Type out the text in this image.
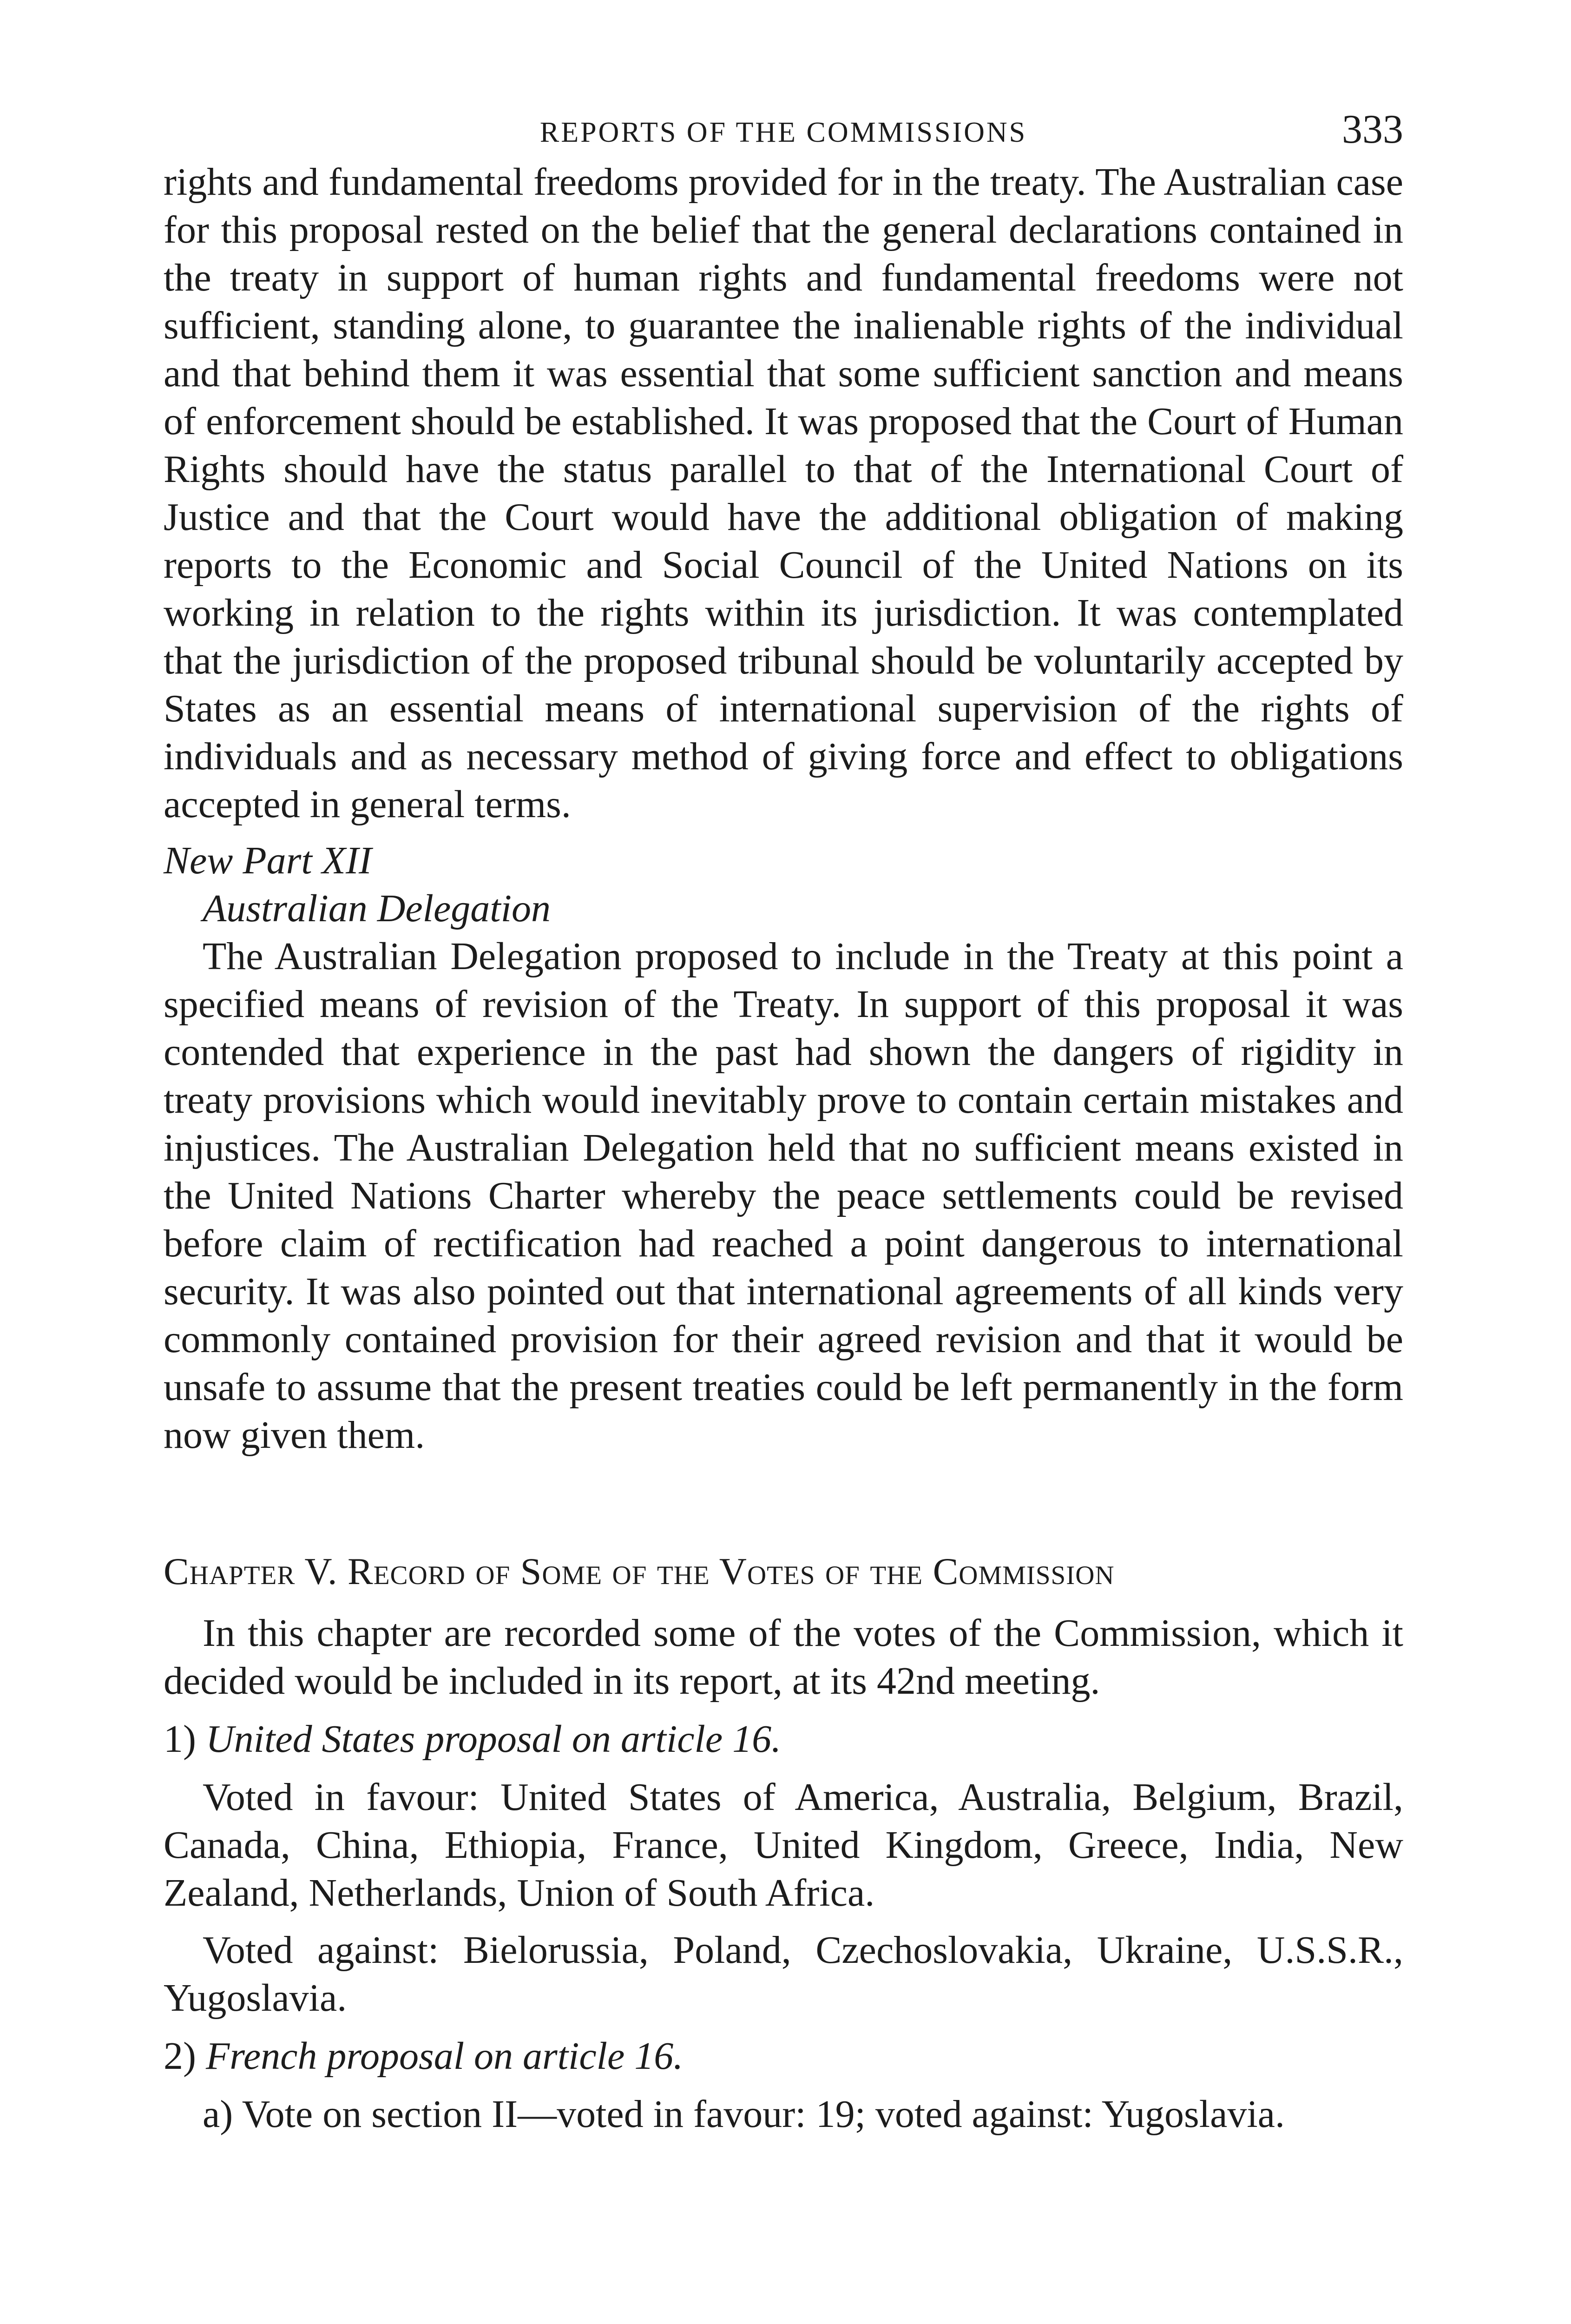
REPORTS OF THE COMMISSIONS	333

rights and fundamental freedoms provided for in the treaty. The Australian case for this proposal rested on the belief that the general declarations contained in the treaty in support of human rights and fundamental freedoms were not sufficient, standing alone, to guarantee the inalienable rights of the individual and that behind them it was essential that some sufficient sanction and means of enforcement should be established. It was proposed that the Court of Human Rights should have the status parallel to that of the International Court of Justice and that the Court would have the additional obligation of making reports to the Economic and Social Council of the United Nations on its working in relation to the rights within its jurisdiction. It was contemplated that the jurisdiction of the proposed tribunal should be voluntarily accepted by States as an essential means of international supervision of the rights of individuals and as necessary method of giving force and effect to obligations accepted in general terms.

New Part XII
Australian Delegation

The Australian Delegation proposed to include in the Treaty at this point a specified means of revision of the Treaty. In support of this proposal it was contended that experience in the past had shown the dangers of rigidity in treaty provisions which would inevitably prove to contain certain mistakes and injustices. The Australian Delegation held that no sufficient means existed in the United Nations Charter whereby the peace settlements could be revised before claim of rectification had reached a point dangerous to international security. It was also pointed out that international agreements of all kinds very commonly contained provision for their agreed revision and that it would be unsafe to assume that the present treaties could be left permanently in the form now given them.

Chapter V. Record of Some of the Votes of the Commission

In this chapter are recorded some of the votes of the Commission, which it decided would be included in its report, at its 42nd meeting.

1) United States proposal on article 16.

Voted in favour: United States of America, Australia, Belgium, Brazil, Canada, China, Ethiopia, France, United Kingdom, Greece, India, New Zealand, Netherlands, Union of South Africa.

Voted against: Bielorussia, Poland, Czechoslovakia, Ukraine, U.S.S.R., Yugoslavia.

2) French proposal on article 16.

a) Vote on section II—voted in favour: 19; voted against: Yugoslavia.
